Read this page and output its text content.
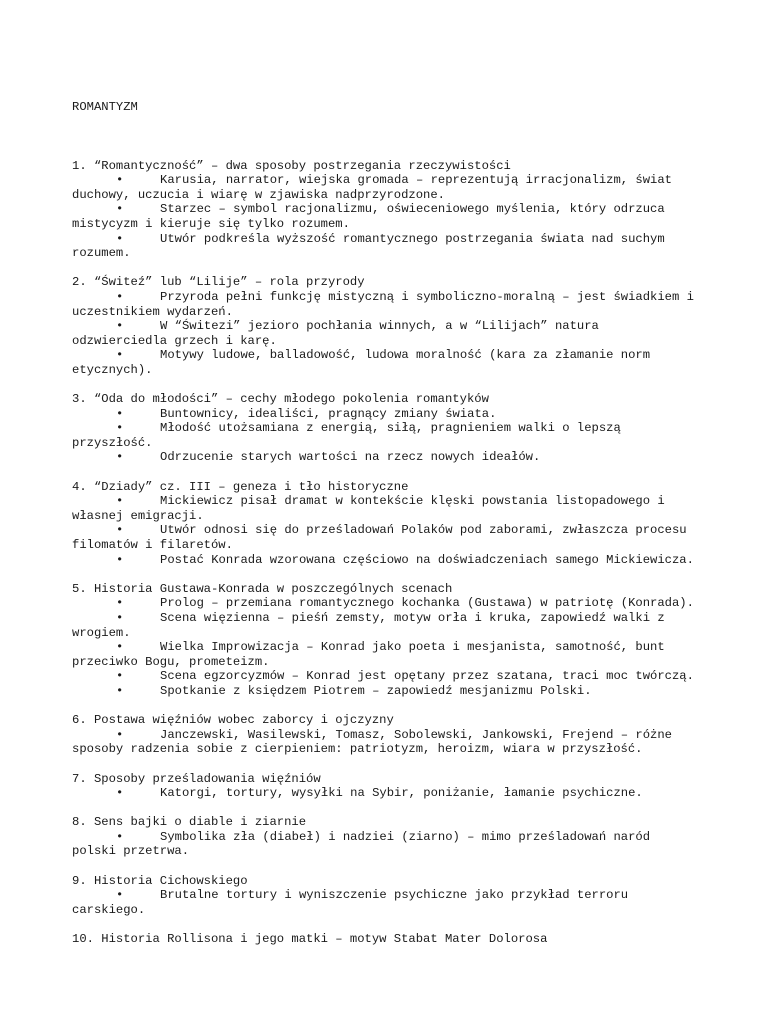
ROMANTYZM

1. “Romantyczność” – dwa sposoby postrzegania rzeczywistości
•	Karusia, narrator, wiejska gromada – reprezentują irracjonalizm, świat duchowy, uczucia i wiarę w zjawiska nadprzyrodzone.
•	Starzec – symbol racjonalizmu, oświeceniowego myślenia, który odrzuca mistycyzm i kieruje się tylko rozumem.
•	Utwór podkreśla wyższość romantycznego postrzegania świata nad suchym rozumem.
2. “Świteź” lub “Lilije” – rola przyrody
•	Przyroda pełni funkcję mistyczną i symboliczno-moralną – jest świadkiem i uczestnikiem wydarzeń.
•	W “Świtezi” jezioro pochłania winnych, a w “Lilijach” natura odzwierciedla grzech i karę.
•	Motywy ludowe, balladowość, ludowa moralność (kara za złamanie norm etycznych).
3. “Oda do młodości” – cechy młodego pokolenia romantyków
•	Buntownicy, idealiści, pragnący zmiany świata.
•	Młodość utożsamiana z energią, siłą, pragnieniem walki o lepszą przyszłość.
•	Odrzucenie starych wartości na rzecz nowych ideałów.
4. “Dziady” cz. III – geneza i tło historyczne
•	Mickiewicz pisał dramat w kontekście klęski powstania listopadowego i własnej emigracji.
•	Utwór odnosi się do prześladowań Polaków pod zaborami, zwłaszcza procesu filomatów i filaretów.
•	Postać Konrada wzorowana częściowo na doświadczeniach samego Mickiewicza.
5. Historia Gustawa-Konrada w poszczególnych scenach
•	Prolog – przemiana romantycznego kochanka (Gustawa) w patriotę (Konrada).
•	Scena więzienna – pieśń zemsty, motyw orła i kruka, zapowiedź walki z wrogiem.
•	Wielka Improwizacja – Konrad jako poeta i mesjanista, samotność, bunt przeciwko Bogu, prometeizm.
•	Scena egzorcyzmów – Konrad jest opętany przez szatana, traci moc twórczą.
•	Spotkanie z księdzem Piotrem – zapowiedź mesjanizmu Polski.
6. Postawa więźniów wobec zaborcy i ojczyzny
•	Janczewski, Wasilewski, Tomasz, Sobolewski, Jankowski, Frejend – różne sposoby radzenia sobie z cierpieniem: patriotyzm, heroizm, wiara w przyszłość.
7. Sposoby prześladowania więźniów
•	Katorgi, tortury, wysyłki na Sybir, poniżanie, łamanie psychiczne.
8. Sens bajki o diable i ziarnie
•	Symbolika zła (diabeł) i nadziei (ziarno) – mimo prześladowań naród polski przetrwa.
9. Historia Cichowskiego
•	Brutalne tortury i wyniszczenie psychiczne jako przykład terroru carskiego.
10. Historia Rollisona i jego matki – motyw Stabat Mater Dolorosa
